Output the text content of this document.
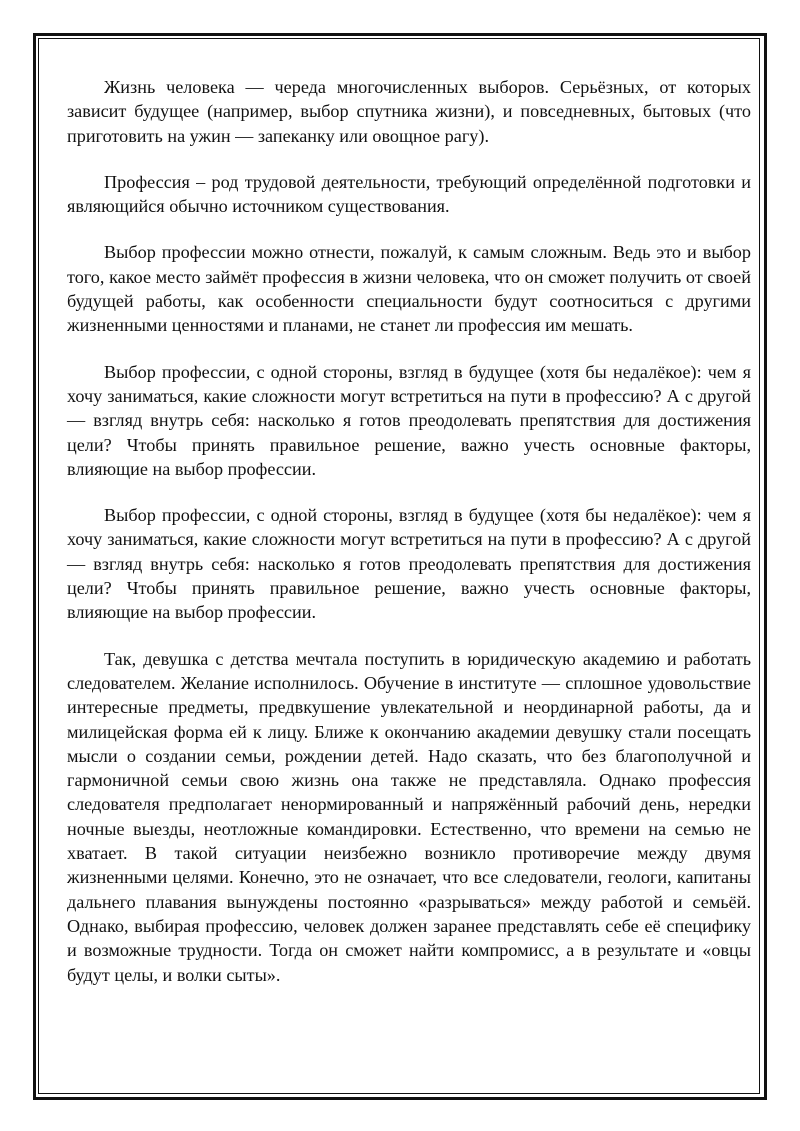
Жизнь человека — череда многочисленных выборов. Серьёзных, от которых зависит будущее (например, выбор спутника жизни), и повседневных, бытовых (что приготовить на ужин — запеканку или овощное рагу).

Профессия – род трудовой деятельности, требующий определённой подготовки и являющийся обычно источником существования.

Выбор профессии можно отнести, пожалуй, к самым сложным. Ведь это и выбор того, какое место займёт профессия в жизни человека, что он сможет получить от своей будущей работы, как особенности специальности будут соотноситься с другими жизненными ценностями и планами, не станет ли профессия им мешать.

Выбор профессии, с одной стороны, взгляд в будущее (хотя бы недалёкое): чем я хочу заниматься, какие сложности могут встретиться на пути в профессию? А с другой — взгляд внутрь себя: насколько я готов преодолевать препятствия для достижения цели? Чтобы принять правильное решение, важно учесть основные факторы, влияющие на выбор профессии.

Выбор профессии, с одной стороны, взгляд в будущее (хотя бы недалёкое): чем я хочу заниматься, какие сложности могут встретиться на пути в профессию? А с другой — взгляд внутрь себя: насколько я готов преодолевать препятствия для достижения цели? Чтобы принять правильное решение, важно учесть основные факторы, влияющие на выбор профессии.

Так, девушка с детства мечтала поступить в юридическую академию и работать следователем. Желание исполнилось. Обучение в институте — сплошное удовольствие интересные предметы, предвкушение увлекательной и неординарной работы, да и милицейская форма ей к лицу. Ближе к окончанию академии девушку стали посещать мысли о создании семьи, рождении детей. Надо сказать, что без благополучной и гармоничной семьи свою жизнь она также не представляла. Однако профессия следователя предполагает ненормированный и напряжённый рабочий день, нередки ночные выезды, неотложные командировки. Естественно, что времени на семью не хватает. В такой ситуации неизбежно возникло противоречие между двумя жизненными целями. Конечно, это не означает, что все следователи, геологи, капитаны дальнего плавания вынуждены постоянно «разрываться» между работой и семьёй. Однако, выбирая профессию, человек должен заранее представлять себе её специфику и возможные трудности. Тогда он сможет найти компромисс, а в результате и «овцы будут целы, и волки сыты».
